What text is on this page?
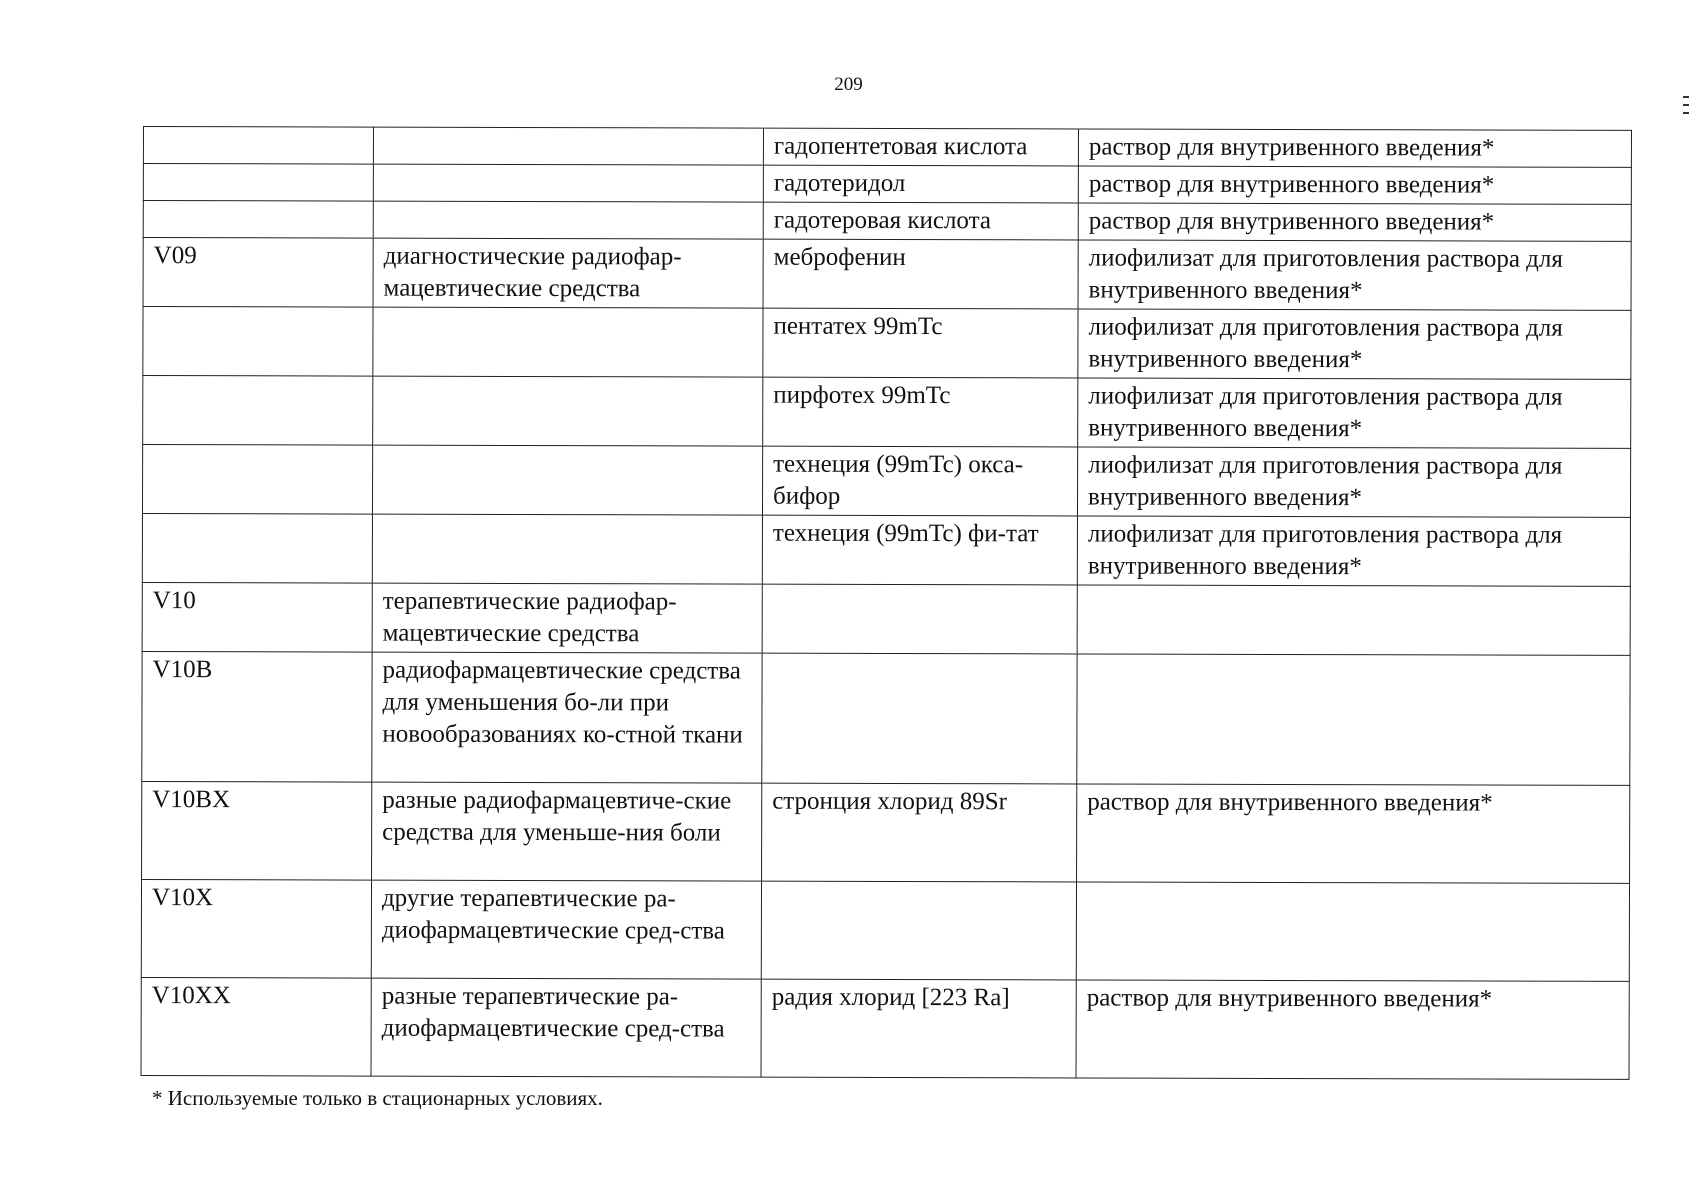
209
		гадопентетовая кислота	раствор для внутривенного введения*
		гадотеридол	раствор для внутривенного введения*
		гадотеровая кислота	раствор для внутривенного введения*
V09	диагностические радиофар-мацевтические средства	меброфенин	лиофилизат для приготовления раствора для внутривенного введения*
		пентатех 99mTc	лиофилизат для приготовления раствора для внутривенного введения*
		пирфотех 99mTc	лиофилизат для приготовления раствора для внутривенного введения*
		технеция (99mTc) окса-бифор	лиофилизат для приготовления раствора для внутривенного введения*
		технеция (99mTc) фи-тат	лиофилизат для приготовления раствора для внутривенного введения*
V10	терапевтические радиофар-мацевтические средства		
V10B	радиофармацевтические средства для уменьшения бо-ли при новообразованиях ко-стной ткани		
V10BX	разные радиофармацевтиче-ские средства для уменьше-ния боли	стронция хлорид 89Sr	раствор для внутривенного введения*
V10X	другие терапевтические ра-диофармацевтические сред-ства		
V10XX	разные терапевтические ра-диофармацевтические сред-ства	радия хлорид [223 Ra]	раствор для внутривенного введения*
* Используемые только в стационарных условиях.
